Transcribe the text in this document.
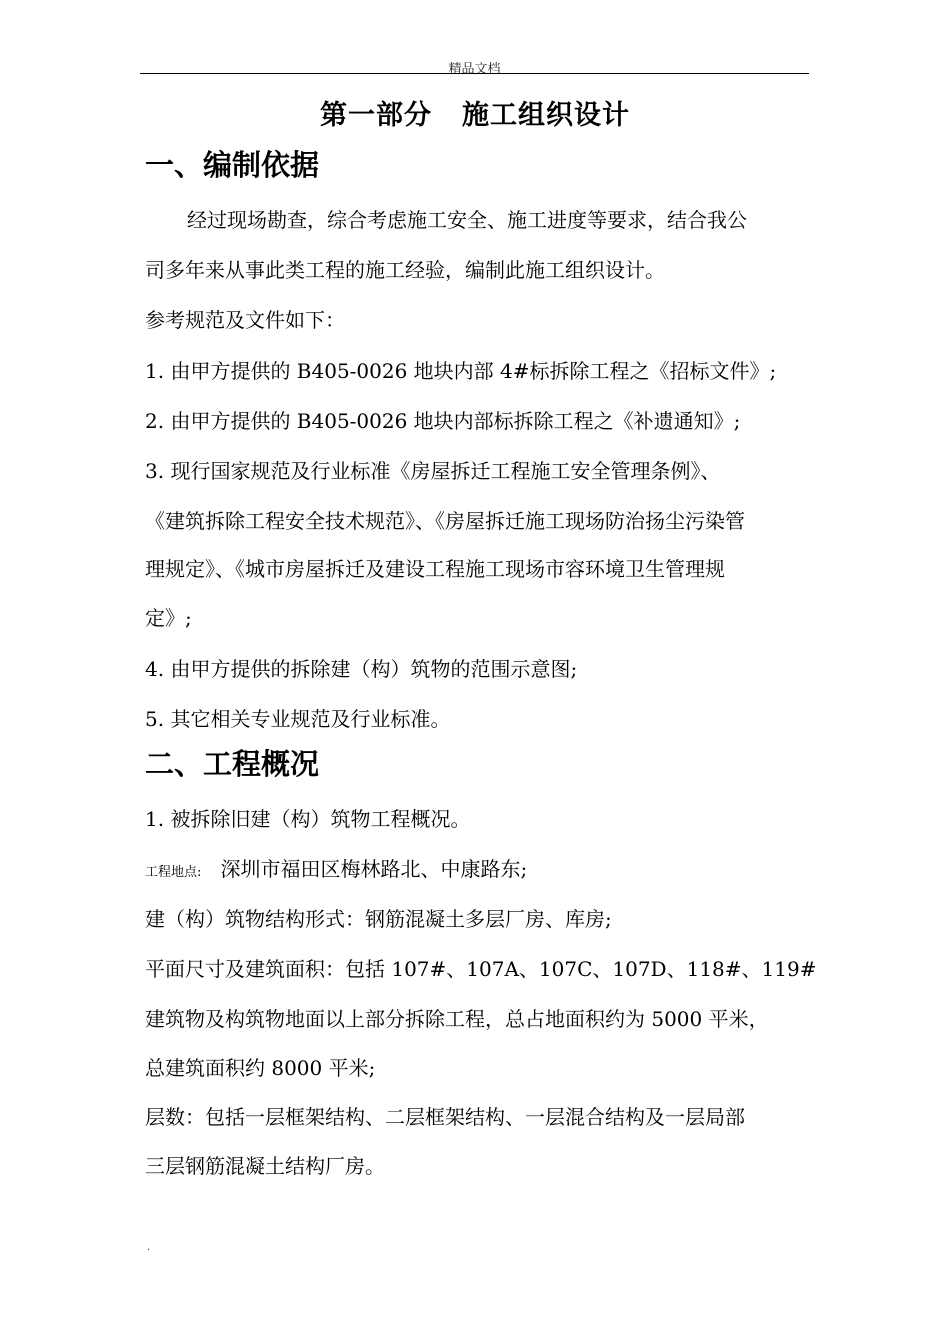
精品文档
第一部分 施工组织设计
一、编制依据
经过现场勘查，综合考虑施工安全、施工进度等要求，结合我公
司多年来从事此类工程的施工经验，编制此施工组织设计。
参考规范及文件如下：
1. 由甲方提供的 B405-0026 地块内部 4#标拆除工程之《招标文件》;
2. 由甲方提供的 B405-0026 地块内部标拆除工程之《补遗通知》;
3. 现行国家规范及行业标准《房屋拆迁工程施工安全管理条例》、
《建筑拆除工程安全技术规范》、《房屋拆迁施工现场防治扬尘污染管
理规定》、《城市房屋拆迁及建设工程施工现场市容环境卫生管理规
定》;
4. 由甲方提供的拆除建（构）筑物的范围示意图;
5. 其它相关专业规范及行业标准。
二、工程概况
1. 被拆除旧建（构）筑物工程概况。
工程地点: 深圳市福田区梅林路北、中康路东;
建（构）筑物结构形式：钢筋混凝土多层厂房、库房;
平面尺寸及建筑面积：包括 107#、107A、107C、107D、118#、119#
建筑物及构筑物地面以上部分拆除工程，总占地面积约为 5000 平米，
总建筑面积约 8000 平米;
层数：包括一层框架结构、二层框架结构、一层混合结构及一层局部
三层钢筋混凝土结构厂房。
.
